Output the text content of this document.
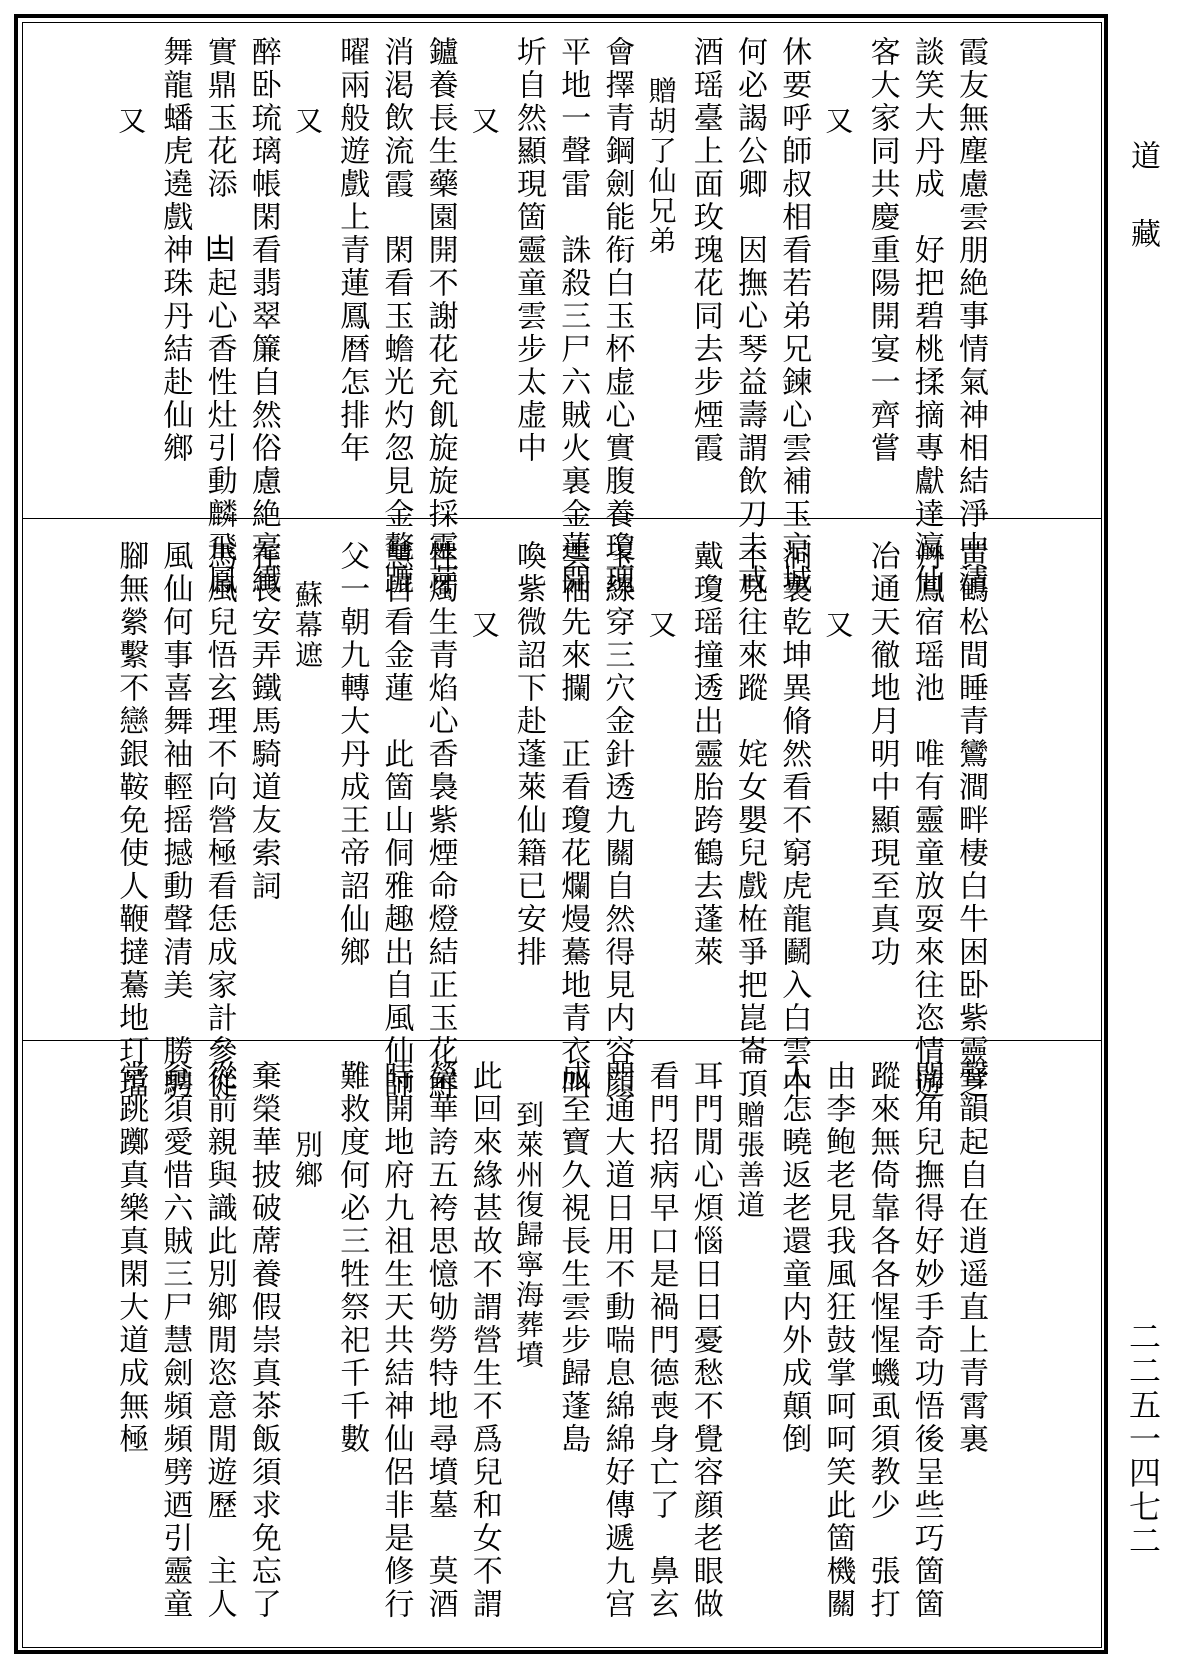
道藏
二二五一四七二
霞友無塵慮雲朋絶事情氣神相結淨中清
談笑大丹成　好把碧桃揉摘專獻達瀛仙
客大家同共慶重陽開宴一齊嘗
又
休要呼師叔相看若弟兄鍊心雲補玉京城
何必謁公卿　因撫心琴益壽謂飲刀圭戒
酒瑶臺上面玫瑰花同去步煙霞
贈胡了仙兄弟
會擇青鋼劍能衔白玉杯虚心實腹養瓊瑰
平地一聲雷　誅殺三尸六賊火裏金蓮開
圻自然顯現箇靈童雲步太虚中
又
鑪養長生藥園開不謝花充飢旋旋採靈芽
消渇飲流霞　閑看玉蟾光灼忽見金鼇蹗
曜兩般遊戲上青蓮鳳暦怎排年
又
醉卧琉璃帳閑看翡翠簾自然俗慮絶毫纎
實鼎玉花添　𠙽起心香性灶引動麟飛鳳
舞龍蟠虎遶戲神珠丹結赴仙鄉
又
黄鶴松間睡青鸞澗畔棲白牛困卧紫靈芝
丹鳳宿瑶池　唯有靈童放耍來往恣情遊
冶通天徹地月明中顯現至真功
又
洞裏乾坤異脩然看不窮虎龍鬬入白雲中
不見往來蹤　姹女嬰兒戲𣑊爭把崑崙頂
戴瓊瑶撞透出靈胎跨鶴去蓬萊
又
玉線穿三穴金針透九關自然得見内容顔
雲袖先來攔　正看瓊花爛熳驀地青衣叫
喚紫微詔下赴蓬萊仙籍已安排
又
性燭生青焰心香裊紫煙命燈結正玉花鮮
慧目看金蓮　此箇山侗雅趣出自風仙師
父一朝九轉大丹成王帝詔仙鄉
蘇幕遮
在長安弄鐵馬騎道友索詞
馬風兒悟玄理不向營極看恁成家計參從
風仙何事喜舞袖輕摇撼動聲清美　勝騁
腳無縈繫不戀銀鞍免使人鞭撻驀地玎璫
聲韻起自在逍遥直上青霄裏
閒角兒撫得好妙手奇功悟後呈些巧箇箇
蹤來無倚靠各各惺惺蟣虱須教少　張打
由李鲍老見我風狂鼓掌呵呵笑此箇機關
人怎曉返老還童内外成顛倒
贈張善道
耳門閒心煩惱日日憂愁不覺容顔老眼做
看門招病早口是禍門德喪身亡了　鼻玄
門通大道日用不動喘息綿綿好傳遞九宫
成至寶久視長生雲步歸蓬島
到萊州復歸寧海葬墳
此回來緣甚故不謂營生不爲兒和女不謂
榮華誇五袴思憶劬勞特地尋墳墓　莫酒
時開地府九祖生天共結神仙侶非是修行
難救度何必三牲祭祀千千數
別鄉
棄榮華披破蓆養假崇真茶飯須求免忘了
從前親與識此別鄉閒恣意閒遊歷　主人
翁須愛惜六賊三尸慧劍頻頻劈迺引靈童
常跳躑真樂真閑大道成無極
